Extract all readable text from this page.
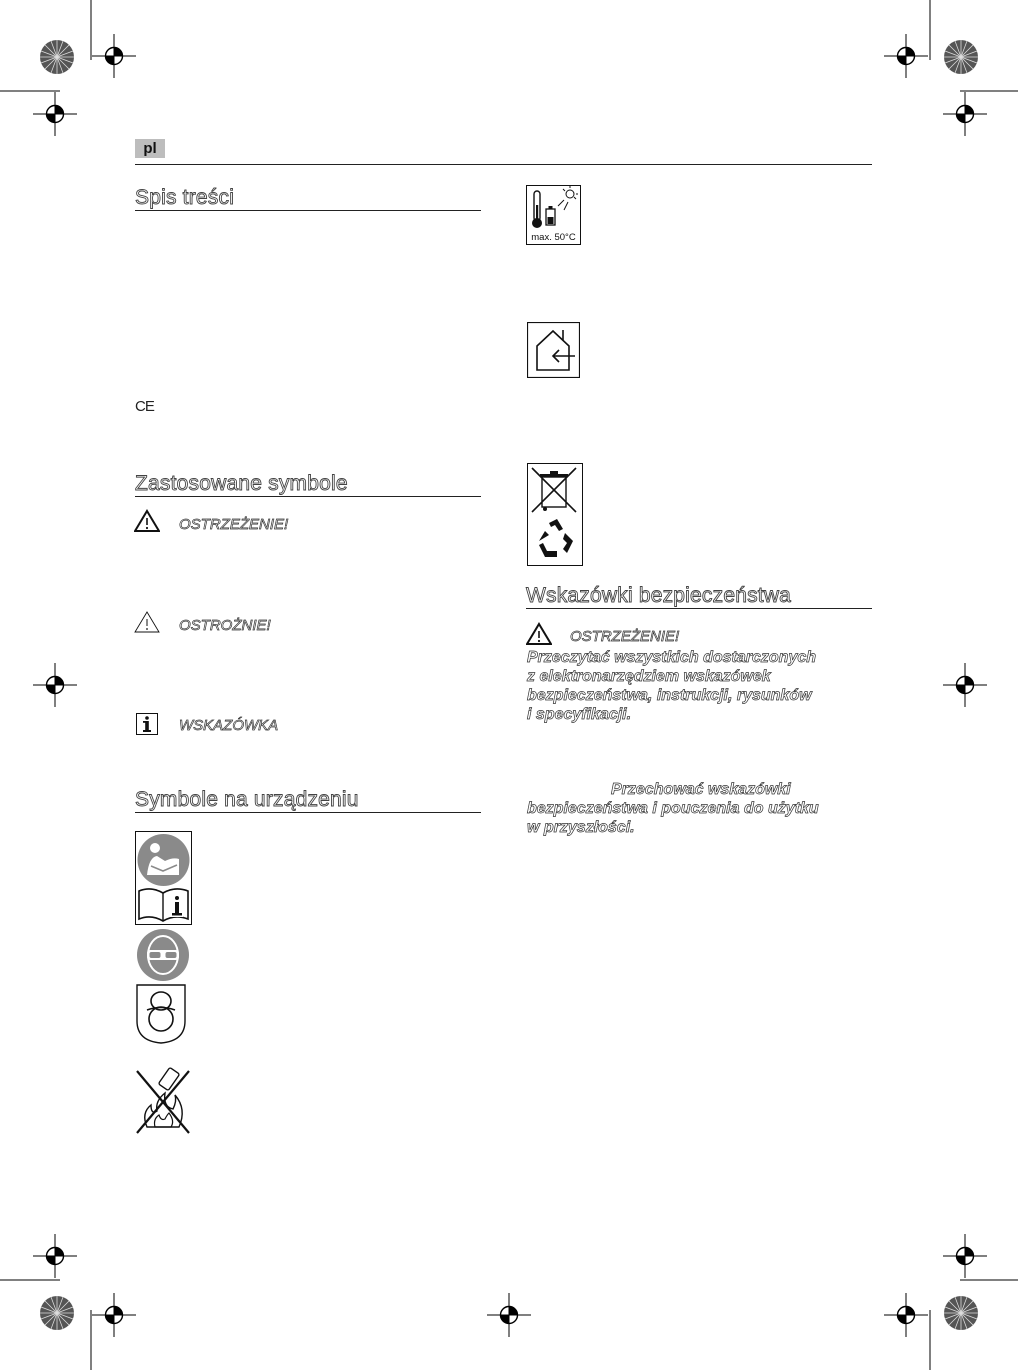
pl
Spis treści
CE
Zastosowane symbole
OSTRZEŻENIE!
OSTROŻNIE!
WSKAZÓWKA
Symbole na urządzeniu
max. 50°C
Wskazówki bezpieczeństwa
OSTRZEŻENIE!
Przeczytać wszystkich dostarczonych
z elektronarzędziem wskazówek
bezpieczeństwa, instrukcji, rysunków
i specyfikacji.
Przechować wskazówki
bezpieczeństwa i pouczenia do użytku
w przyszłości.
